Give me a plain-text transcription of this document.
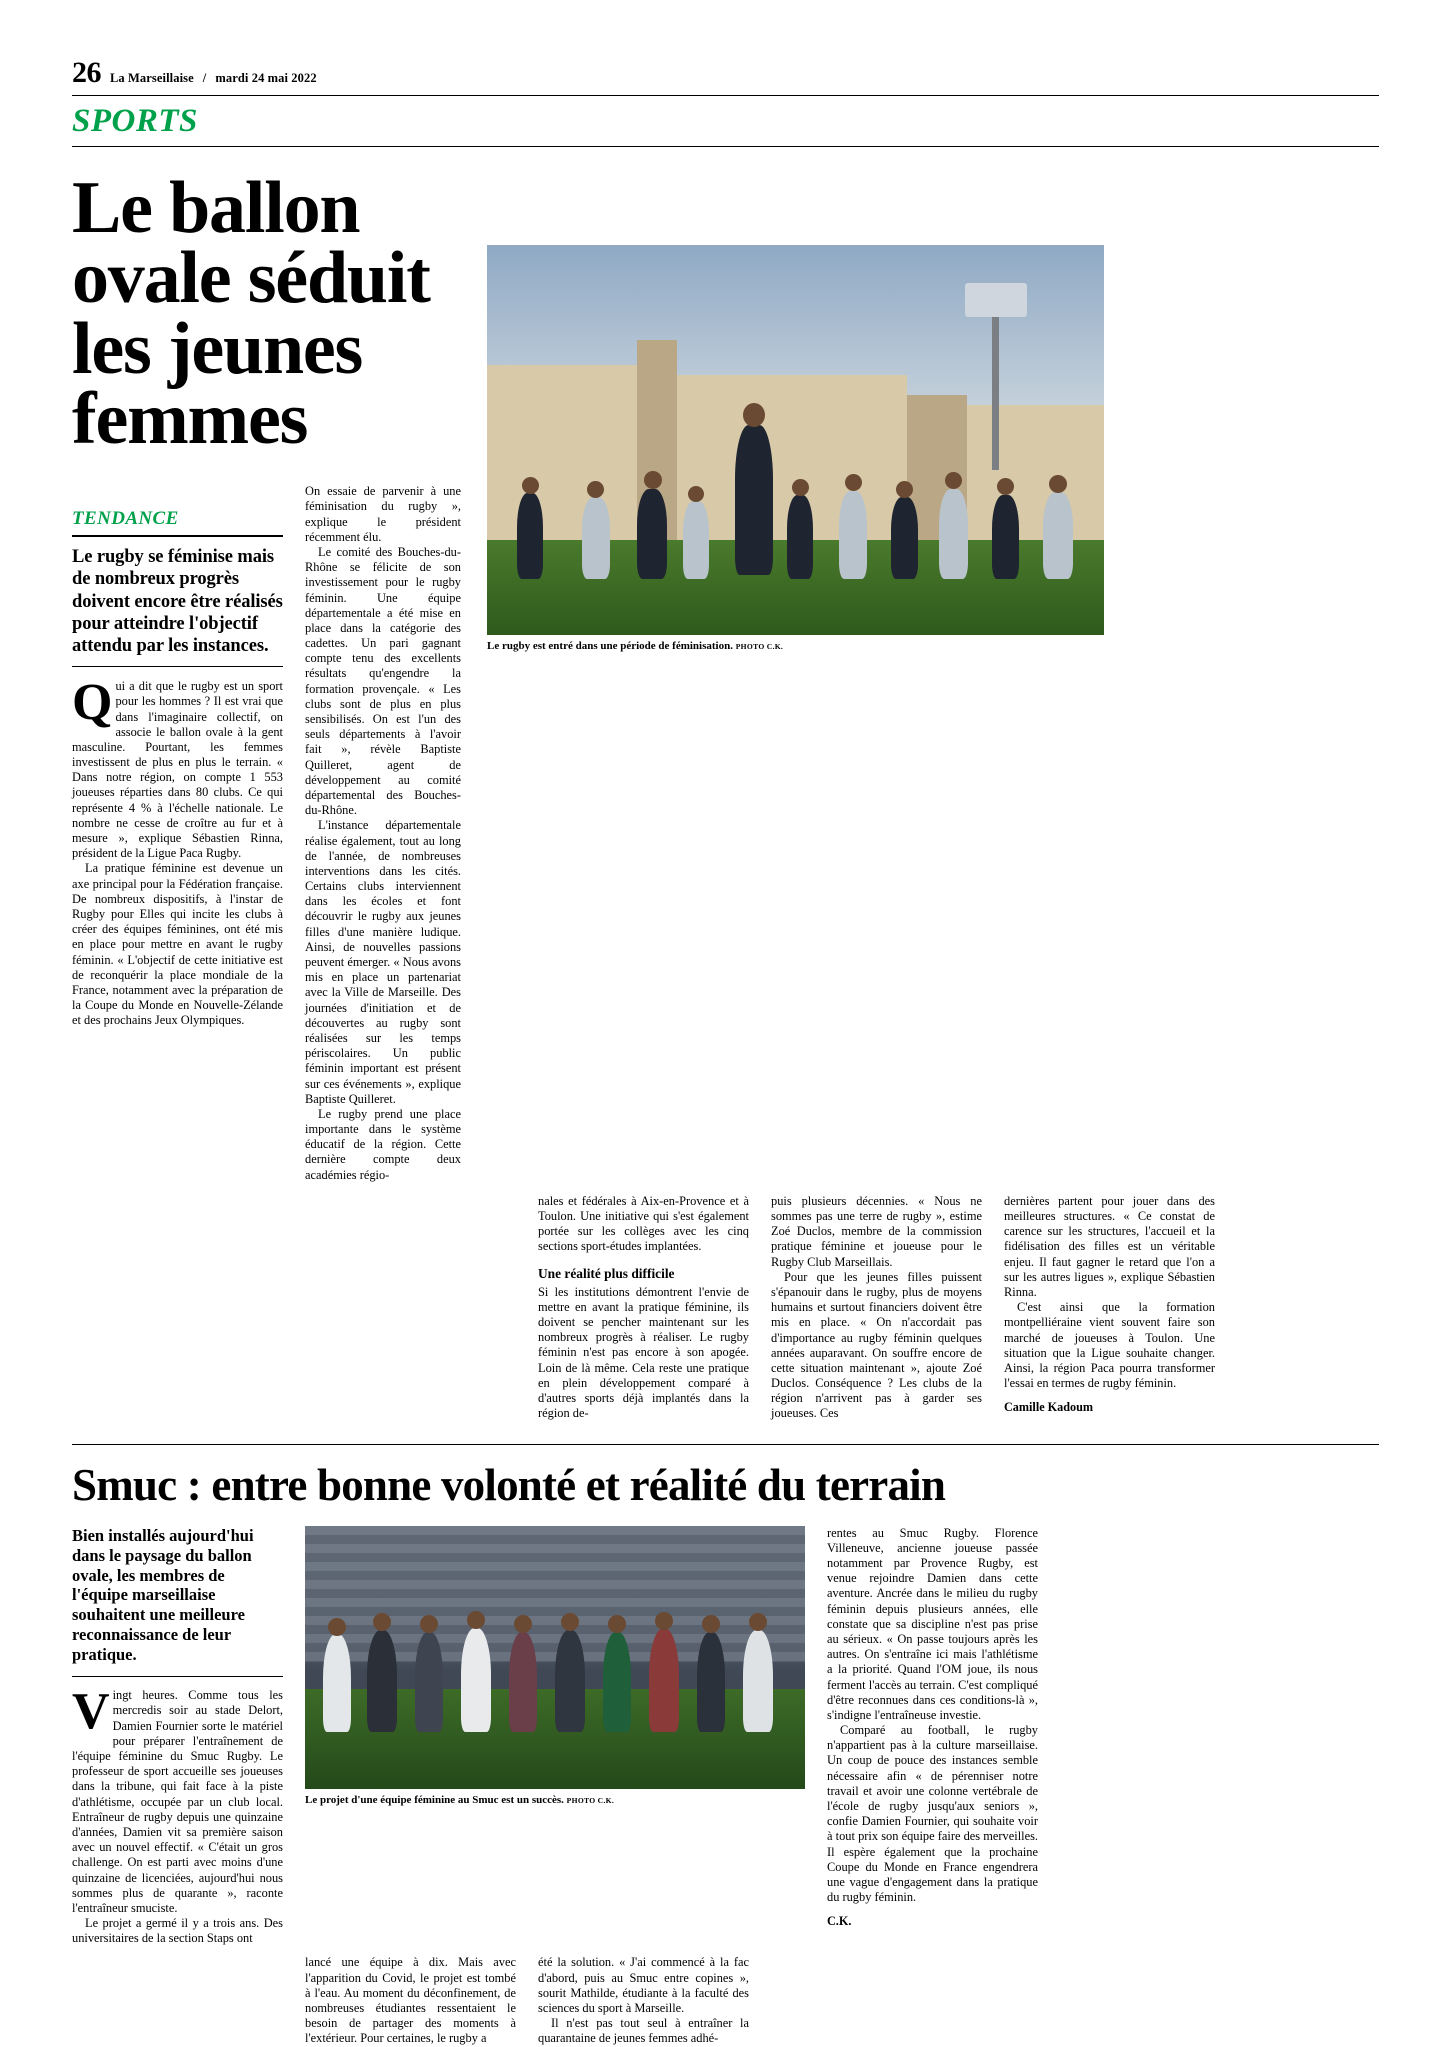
26 La Marseillaise / mardi 24 mai 2022
SPORTS
Le ballon ovale séduit les jeunes femmes
TENDANCE
Le rugby se féminise mais de nombreux progrès doivent encore être réalisés pour atteindre l'objectif attendu par les instances.

Qui a dit que le rugby est un sport pour les hommes ? Il est vrai que dans l'imaginaire collectif, on associe le ballon ovale à la gent masculine. Pourtant, les femmes investissent de plus en plus le terrain. « Dans notre région, on compte 1 553 joueuses réparties dans 80 clubs. Ce qui représente 4 % à l'échelle nationale. Le nombre ne cesse de croître au fur et à mesure », explique Sébastien Rinna, président de la Ligue Paca Rugby.

La pratique féminine est devenue un axe principal pour la Fédération française. De nombreux dispositifs, à l'instar de Rugby pour Elles qui incite les clubs à créer des équipes féminines, ont été mis en place pour mettre en avant le rugby féminin. « L'objectif de cette initiative est de reconquérir la place mondiale de la France, notamment avec la préparation de la Coupe du Monde en Nouvelle-Zélande et des prochains Jeux Olympiques.

On essaie de parvenir à une féminisation du rugby », explique le président récemment élu.

Le comité des Bouches-du-Rhône se félicite de son investissement pour le rugby féminin. Une équipe départementale a été mise en place dans la catégorie des cadettes. Un pari gagnant compte tenu des excellents résultats qu'engendre la formation provençale. « Les clubs sont de plus en plus sensibilisés. On est l'un des seuls départements à l'avoir fait », révèle Baptiste Quilleret, agent de développement au comité départemental des Bouches-du-Rhône.

L'instance départementale réalise également, tout au long de l'année, de nombreuses interventions dans les cités. Certains clubs interviennent dans les écoles et font découvrir le rugby aux jeunes filles d'une manière ludique. Ainsi, de nouvelles passions peuvent émerger. « Nous avons mis en place un partenariat avec la Ville de Marseille. Des journées d'initiation et de découvertes au rugby sont réalisées sur les temps périscolaires. Un public féminin important est présent sur ces événements », explique Baptiste Quilleret.

Le rugby prend une place importante dans le système éducatif de la région. Cette dernière compte deux académies régio-

Le rugby est entré dans une période de féminisation. PHOTO C.K.

nales et fédérales à Aix-en-Provence et à Toulon. Une initiative qui s'est également portée sur les collèges avec les cinq sections sport-études implantées.

Une réalité plus difficile

Si les institutions démontrent l'envie de mettre en avant la pratique féminine, ils doivent se pencher maintenant sur les nombreux progrès à réaliser. Le rugby féminin n'est pas encore à son apogée. Loin de là même. Cela reste une pratique en plein développement comparé à d'autres sports déjà implantés dans la région de-

puis plusieurs décennies. « Nous ne sommes pas une terre de rugby », estime Zoé Duclos, membre de la commission pratique féminine et joueuse pour le Rugby Club Marseillais.

Pour que les jeunes filles puissent s'épanouir dans le rugby, plus de moyens humains et surtout financiers doivent être mis en place. « On n'accordait pas d'importance au rugby féminin quelques années auparavant. On souffre encore de cette situation maintenant », ajoute Zoé Duclos. Conséquence ? Les clubs de la région n'arrivent pas à garder ses joueuses. Ces

dernières partent pour jouer dans des meilleures structures. « Ce constat de carence sur les structures, l'accueil et la fidélisation des filles est un véritable enjeu. Il faut gagner le retard que l'on a sur les autres ligues », explique Sébastien Rinna.

C'est ainsi que la formation montpelliéraine vient souvent faire son marché de joueuses à Toulon. Une situation que la Ligue souhaite changer. Ainsi, la région Paca pourra transformer l'essai en termes de rugby féminin.

Camille Kadoum
Smuc : entre bonne volonté et réalité du terrain
Bien installés aujourd'hui dans le paysage du ballon ovale, les membres de l'équipe marseillaise souhaitent une meilleure reconnaissance de leur pratique.

Vingt heures. Comme tous les mercredis soir au stade Delort, Damien Fournier sorte le matériel pour préparer l'entraînement de l'équipe féminine du Smuc Rugby. Le professeur de sport accueille ses joueuses dans la tribune, qui fait face à la piste d'athlétisme, occupée par un club local. Entraîneur de rugby depuis une quinzaine d'années, Damien vit sa première saison avec un nouvel effectif. « C'était un gros challenge. On est parti avec moins d'une quinzaine de licenciées, aujourd'hui nous sommes plus de quarante », raconte l'entraîneur smuciste.

Le projet a germé il y a trois ans. Des universitaires de la section Staps ont

Le projet d'une équipe féminine au Smuc est un succès. PHOTO C.K.

rentes au Smuc Rugby. Florence Villeneuve, ancienne joueuse passée notamment par Provence Rugby, est venue rejoindre Damien dans cette aventure. Ancrée dans le milieu du rugby féminin depuis plusieurs années, elle constate que sa discipline n'est pas prise au sérieux. « On passe toujours après les autres. On s'entraîne ici mais l'athlétisme a la priorité. Quand l'OM joue, ils nous ferment l'accès au terrain. C'est compliqué d'être reconnues dans ces conditions-là », s'indigne l'entraîneuse investie.

Comparé au football, le rugby n'appartient pas à la culture marseillaise. Un coup de pouce des instances semble nécessaire afin « de pérenniser notre travail et avoir une colonne vertébrale de l'école de rugby jusqu'aux seniors », confie Damien Fournier, qui souhaite voir à tout prix son équipe faire des merveilles. Il espère également que la prochaine Coupe du Monde en France engendrera une vague d'engagement dans la pratique du rugby féminin.

C.K.

lancé une équipe à dix. Mais avec l'apparition du Covid, le projet est tombé à l'eau. Au moment du déconfinement, de nombreuses étudiantes ressentaient le besoin de partager des moments à l'extérieur. Pour certaines, le rugby a

été la solution. « J'ai commencé à la fac d'abord, puis au Smuc entre copines », sourit Mathilde, étudiante à la faculté des sciences du sport à Marseille.

Il n'est pas tout seul à entraîner la quarantaine de jeunes femmes adhé-
